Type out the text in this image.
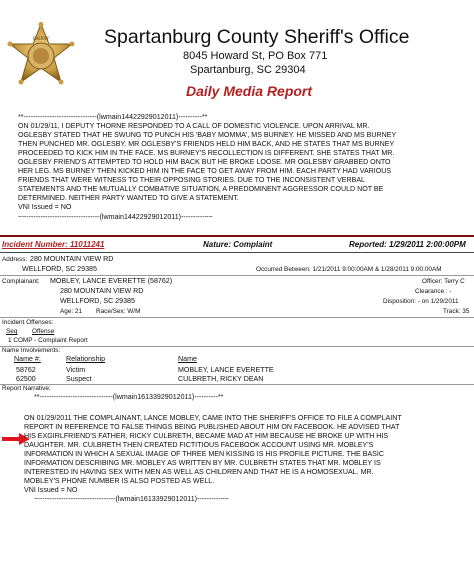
SHERIFF	Spartanburg County Sheriff's Office
8045 Howard St, PO Box 771
Spartanburg, SC 29304
Daily Media Report
**-------------------------------(lwmain14422929012011)----------**
ON 01/29/11, I DEPUTY THORNE RESPONDED TO A CALL OF DOMESTIC VIOLENCE. UPON ARRIVAL MR.
OGLESBY STATED THAT HE SWUNG TO PUNCH HIS 'BABY MOMMA', MS BURNEY. HE MISSED AND MS BURNEY
THEN PUNCHED MR. OGLESBY. MR OGLESBY'S FRIENDS HELD HIM BACK, AND HE STATES THAT MS BURNEY
PROCEEDED TO KICK HIM IN THE FACE. MS BURNEY'S RECOLLECTION IS DIFFERENT. SHE STATES THAT MR.
OGLESBY FRIEND'S ATTEMPTED TO HOLD HIM BACK BUT HE BROKE LOOSE. MR OGLESBY GRABBED ONTO
HER LEG. MS BURNEY THEN KICKED HIM IN THE FACE TO GET AWAY FROM HIM. EACH PARTY HAD VARIOUS
FRIENDS THAT WERE WITNESS TO THEIR OPPOSING STORIES. DUE TO THE INCONSISTENT VERBAL
STATEMENTS AND THE MUTUALLY COMBATIVE SITUATION, A PREDOMINENT AGGRESSOR COULD NOT BE
DETERMINED. NEITHER PARTY WANTED TO GIVE A STATEMENT.
VNI Issued = NO
~~-------------------------------(lwmain14422929012011)----------~~
Incident Number: 11011241	Nature: Complaint	Reported: 1/29/2011 2:00:00PM
Address: 280 MOUNTAIN VIEW RD
WELLFORD, SC 29385	Occurred Between: 1/21/2011 9:00:00AM & 1/28/2011 9:00:00AM
Complainant: MOBLEY, LANCE EVERETTE (58762)
280 MOUNTAIN VIEW RD
WELLFORD, SC 29385
Age: 21 Race/Sex: W/M
Officer: Terry C
Clearance : -
Disposition: - on 1/29/2011
Track: 35
Incident Offenses:
Seq Offense
1 COMP - Complaint Report
Name Involvements:
Name #:	Relationship	Name
58762	Victim	MOBLEY, LANCE EVERETTE
62500	Suspect	CULBRETH, RICKY DEAN
Report Narrative:
**-------------------------------(lwmain16133929012011)----------**
ON 01/29/2011 THE COMPLAINANT, LANCE MOBLEY, CAME INTO THE SHERIFF'S OFFICE TO FILE A COMPLAINT
REPORT IN REFERENCE TO FALSE THINGS BEING PUBLISHED ABOUT HIM ON FACEBOOK. HE ADVISED THAT
HIS EXGIRLFRIEND'S FATHER, RICKY CULBRETH, BECAME MAD AT HIM BECAUSE HE BROKE UP WITH HIS
DAUGHTER. MR. CULBRETH THEN CREATED FICTITIOUS FACEBOOK ACCOUNT USING MR. MOBLEY'S
INFORMATION IN WHICH A SEXUAL IMAGE OF THREE MEN KISSING IS HIS PROFILE PICTURE. THE BASIC
INFORMATION DESCRIBING MR. MOBLEY AS WRITTEN BY MR. CULBRETH STATES THAT MR. MOBLEY IS
INTERESTED IN HAVING SEX WITH MEN AS WELL AS CHILDREN AND THAT HE IS A HOMOSEXUAL. MR.
MOBLEY'S PHONE NUMBER IS ALSO POSTED AS WELL.
VNI Issued = NO
~~-------------------------------(lwmain16133929012011)----------~~
